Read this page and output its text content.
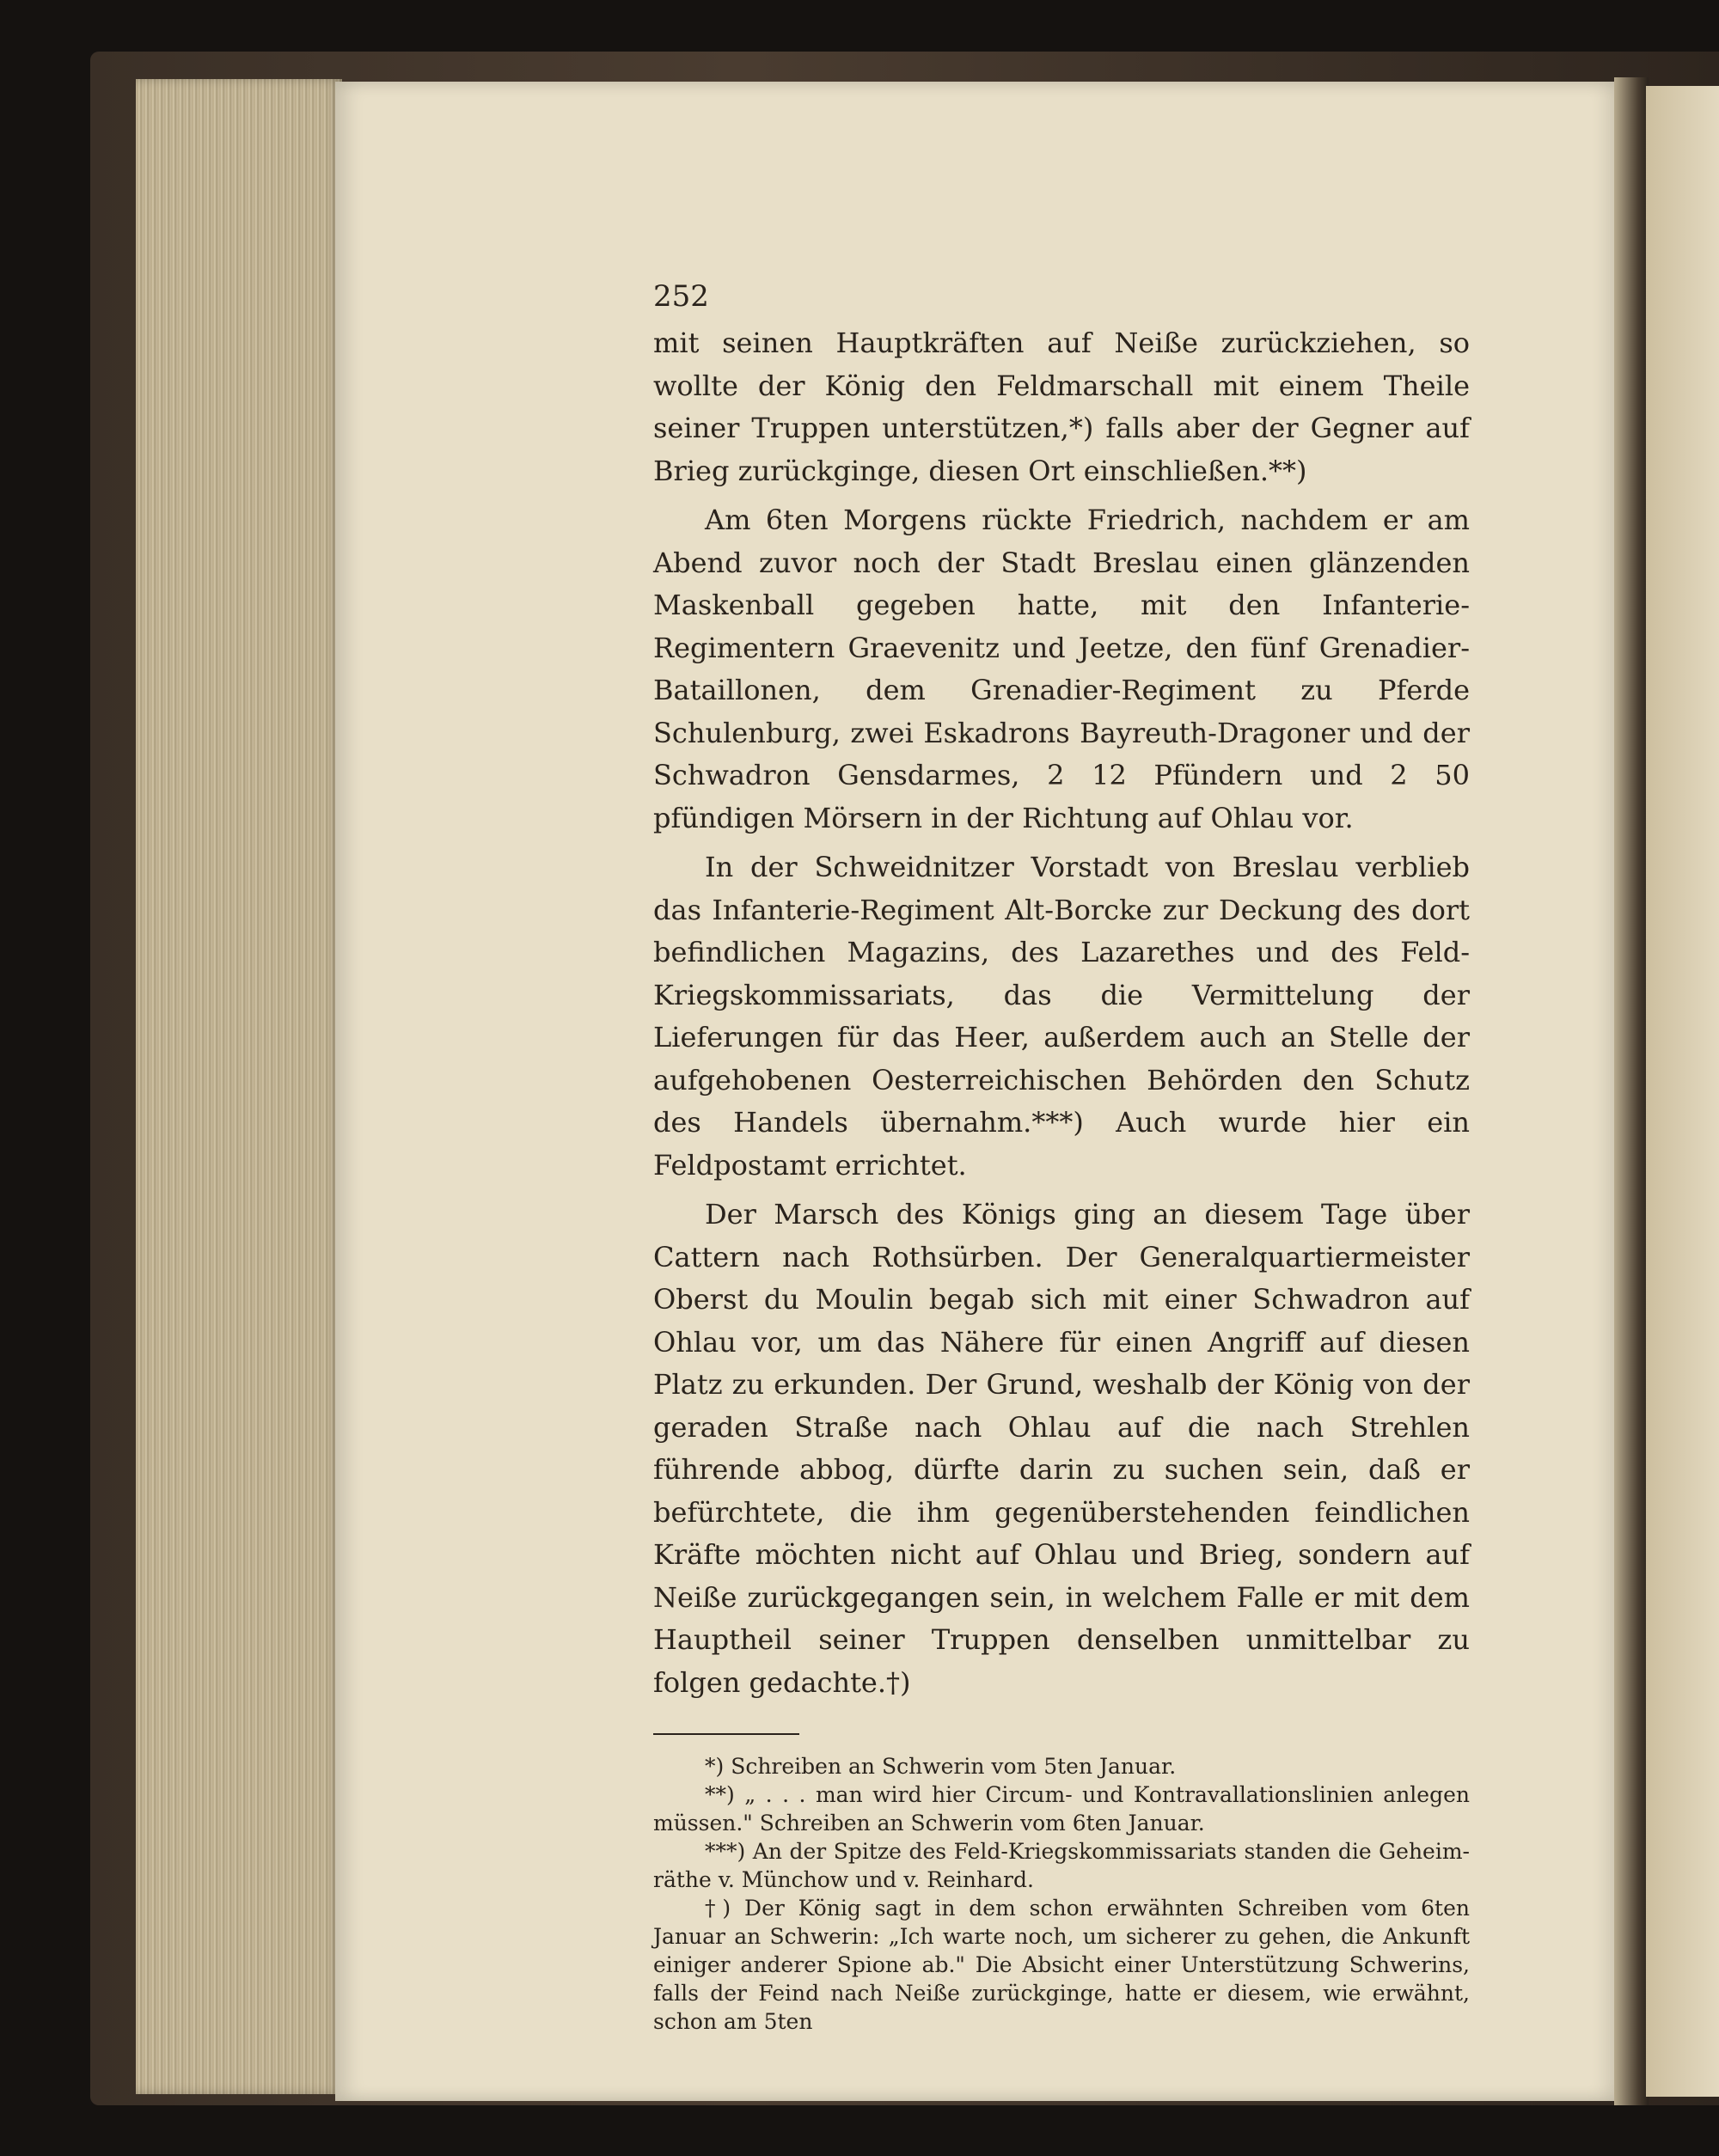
252

mit seinen Hauptkräften auf Neiße zurückziehen, so wollte der König den Feldmarschall mit einem Theile seiner Truppen unterstützen,*) falls aber der Gegner auf Brieg zurückginge, diesen Ort einschließen.**)

Am 6ten Morgens rückte Friedrich, nachdem er am Abend zuvor noch der Stadt Breslau einen glänzenden Maskenball gegeben hatte, mit den Infanterie-Regimentern Graevenitz und Jeetze, den fünf Grenadier-Bataillonen, dem Grenadier-Regiment zu Pferde Schulenburg, zwei Eskadrons Bayreuth-Dragoner und der Schwadron Gensdarmes, 2 12 Pfündern und 2 50 pfündigen Mörsern in der Richtung auf Ohlau vor.

In der Schweidnitzer Vorstadt von Breslau verblieb das Infanterie-Regiment Alt-Borcke zur Deckung des dort befindlichen Magazins, des Lazarethes und des Feld-Kriegskommissariats, das die Vermittelung der Lieferungen für das Heer, außerdem auch an Stelle der aufgehobenen Oesterreichischen Behörden den Schutz des Handels übernahm.***) Auch wurde hier ein Feldpostamt errichtet.

Der Marsch des Königs ging an diesem Tage über Cattern nach Rothsürben. Der Generalquartiermeister Oberst du Moulin begab sich mit einer Schwadron auf Ohlau vor, um das Nähere für einen Angriff auf diesen Platz zu erkunden. Der Grund, weshalb der König von der geraden Straße nach Ohlau auf die nach Strehlen führende abbog, dürfte darin zu suchen sein, daß er befürchtete, die ihm gegenüberstehenden feindlichen Kräfte möchten nicht auf Ohlau und Brieg, sondern auf Neiße zurückgegangen sein, in welchem Falle er mit dem Hauptheil seiner Truppen denselben unmittelbar zu folgen gedachte.†)

*) Schreiben an Schwerin vom 5ten Januar.

**) „ . . . man wird hier Circum- und Kontravallationslinien anlegen müssen." Schreiben an Schwerin vom 6ten Januar.

***) An der Spitze des Feld-Kriegskommissariats standen die Geheimräthe v. Münchow und v. Reinhard.

†) Der König sagt in dem schon erwähnten Schreiben vom 6ten Januar an Schwerin: „Ich warte noch, um sicherer zu gehen, die Ankunft einiger anderer Spione ab." Die Absicht einer Unterstützung Schwerins, falls der Feind nach Neiße zurückginge, hatte er diesem, wie erwähnt, schon am 5ten
